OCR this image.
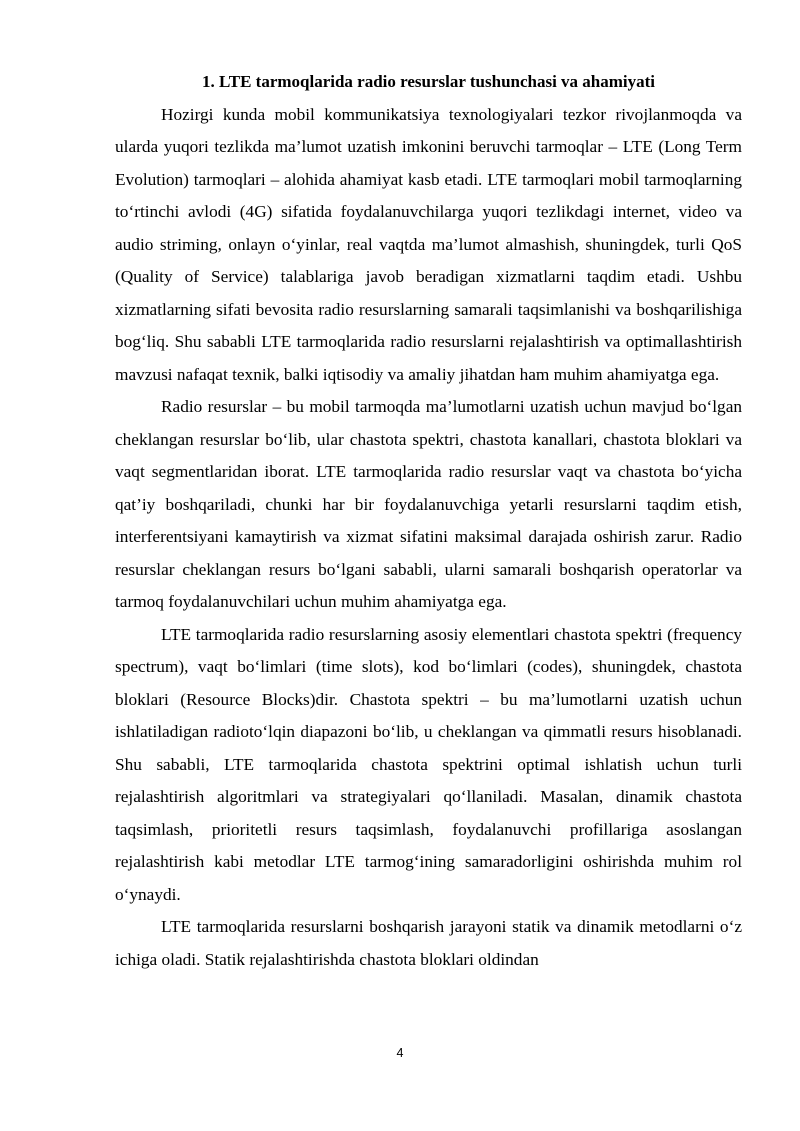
1. LTE tarmoqlarida radio resurslar tushunchasi va ahamiyati

Hozirgi kunda mobil kommunikatsiya texnologiyalari tezkor rivojlanmoqda va ularda yuqori tezlikda ma’lumot uzatish imkonini beruvchi tarmoqlar – LTE (Long Term Evolution) tarmoqlari – alohida ahamiyat kasb etadi. LTE tarmoqlari mobil tarmoqlarning to‘rtinchi avlodi (4G) sifatida foydalanuvchilarga yuqori tezlikdagi internet, video va audio striming, onlayn o‘yinlar, real vaqtda ma’lumot almashish, shuningdek, turli QoS (Quality of Service) talablariga javob beradigan xizmatlarni taqdim etadi. Ushbu xizmatlarning sifati bevosita radio resurslarning samarali taqsimlanishi va boshqarilishiga bog‘liq. Shu sababli LTE tarmoqlarida radio resurslarni rejalashtirish va optimallashtirish mavzusi nafaqat texnik, balki iqtisodiy va amaliy jihatdan ham muhim ahamiyatga ega.

Radio resurslar – bu mobil tarmoqda ma’lumotlarni uzatish uchun mavjud bo‘lgan cheklangan resurslar bo‘lib, ular chastota spektri, chastota kanallari, chastota bloklari va vaqt segmentlaridan iborat. LTE tarmoqlarida radio resurslar vaqt va chastota bo‘yicha qat’iy boshqariladi, chunki har bir foydalanuvchiga yetarli resurslarni taqdim etish, interferentsiyani kamaytirish va xizmat sifatini maksimal darajada oshirish zarur. Radio resurslar cheklangan resurs bo‘lgani sababli, ularni samarali boshqarish operatorlar va tarmoq foydalanuvchilari uchun muhim ahamiyatga ega.

LTE tarmoqlarida radio resurslarning asosiy elementlari chastota spektri (frequency spectrum), vaqt bo‘limlari (time slots), kod bo‘limlari (codes), shuningdek, chastota bloklari (Resource Blocks)dir. Chastota spektri – bu ma’lumotlarni uzatish uchun ishlatiladigan radioto‘lqin diapazoni bo‘lib, u cheklangan va qimmatli resurs hisoblanadi. Shu sababli, LTE tarmoqlarida chastota spektrini optimal ishlatish uchun turli rejalashtirish algoritmlari va strategiyalari qo‘llaniladi. Masalan, dinamik chastota taqsimlash, prioritetli resurs taqsimlash, foydalanuvchi profillariga asoslangan rejalashtirish kabi metodlar LTE tarmog‘ining samaradorligini oshirishda muhim rol o‘ynaydi.

LTE tarmoqlarida resurslarni boshqarish jarayoni statik va dinamik metodlarni o‘z ichiga oladi. Statik rejalashtirishda chastota bloklari oldindan

4
